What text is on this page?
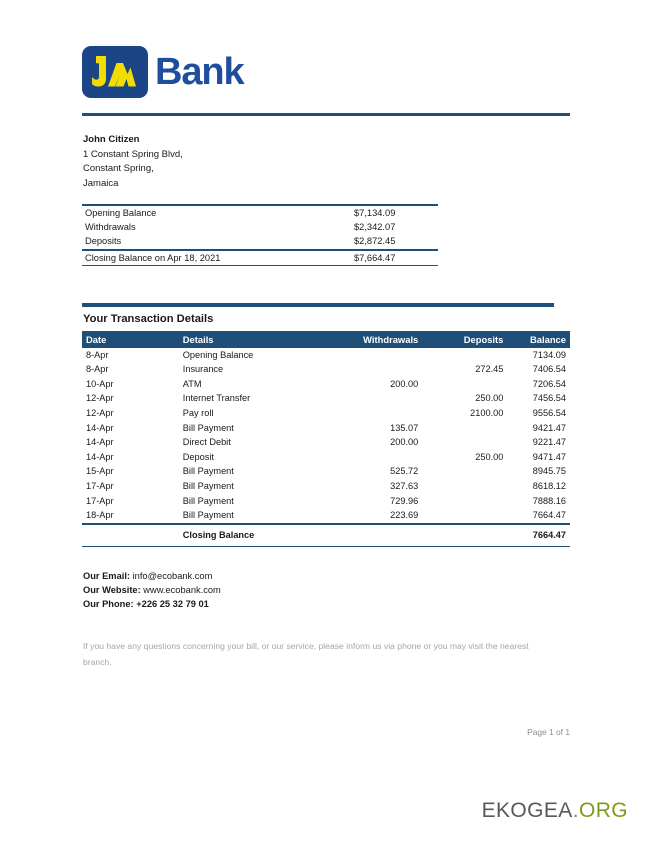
Bank
John Citizen
1 Constant Spring Blvd,
Constant Spring,
Jamaica
Opening Balance	$7,134.09
Withdrawals	$2,342.07
Deposits	$2,872.45
Closing Balance on Apr 18, 2021	$7,664.47
Your Transaction Details
Date	Details	Withdrawals	Deposits	Balance
8-Apr	Opening Balance			7134.09
8-Apr	Insurance		272.45	7406.54
10-Apr	ATM	200.00		7206.54
12-Apr	Internet Transfer		250.00	7456.54
12-Apr	Pay roll		2100.00	9556.54
14-Apr	Bill Payment	135.07		9421.47
14-Apr	Direct Debit	200.00		9221.47
14-Apr	Deposit		250.00	9471.47
15-Apr	Bill Payment	525.72		8945.75
17-Apr	Bill Payment	327.63		8618.12
17-Apr	Bill Payment	729.96		7888.16
18-Apr	Bill Payment	223.69		7664.47
	Closing Balance			7664.47
Our Email: info@ecobank.com
Our Website: www.ecobank.com
Our Phone: +226 25 32 79 01
If you have any questions concerning your bill, or our service, please inform us via phone or you may visit the nearest branch.
Page 1 of 1
EKOGEA.ORG
